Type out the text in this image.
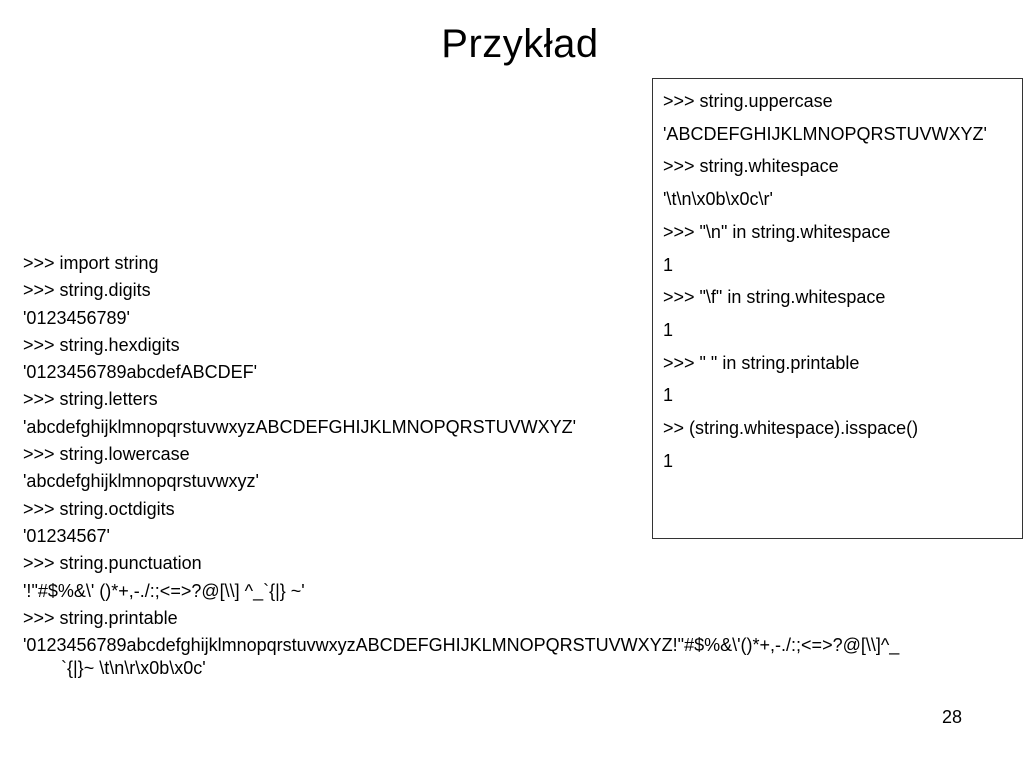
Przykład
>>> import string
>>> string.digits
'0123456789'
>>> string.hexdigits
'0123456789abcdefABCDEF'
>>> string.letters
'abcdefghijklmnopqrstuvwxyzABCDEFGHIJKLMNOPQRSTUVWXYZ'
>>> string.lowercase
'abcdefghijklmnopqrstuvwxyz'
>>> string.octdigits
'01234567'
>>> string.punctuation
'!"#$%&\' ()*+,-./:;<=>?@[\\] ^_`{|} ~'
>>> string.printable
'0123456789abcdefghijklmnopqrstuvwxyzABCDEFGHIJKLMNOPQRSTUVWXYZ!"#$%&\'()*+,-./:;<=>?@[\\]^_`{|}~ \t\n\r\x0b\x0c'
>>> string.uppercase
'ABCDEFGHIJKLMNOPQRSTUVWXYZ'
>>> string.whitespace
'\t\n\x0b\x0c\r'
>>> "\n" in string.whitespace
1
>>> "\f" in string.whitespace
1
>>> " " in string.printable
1
>> (string.whitespace).isspace()
1
28
